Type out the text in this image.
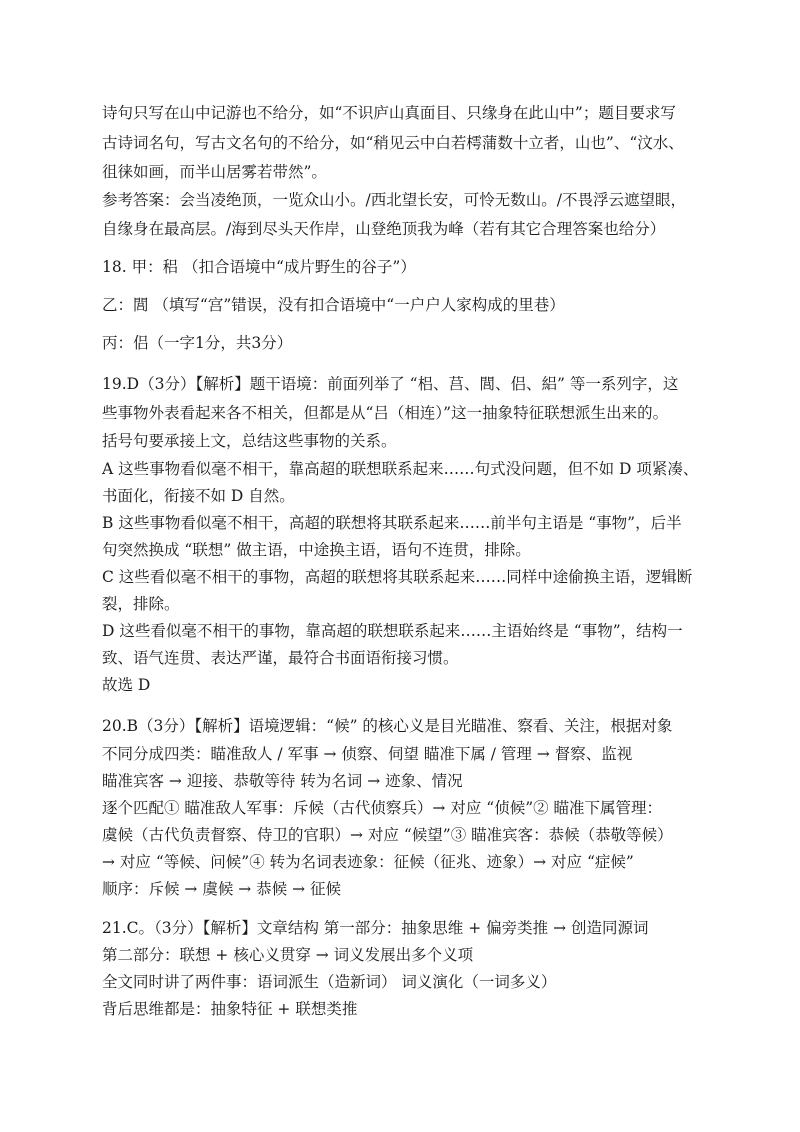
诗句只写在山中记游也不给分，如“不识庐山真面目、只缘身在此山中”；题目要求写
古诗词名句，写古文名句的不给分，如“稍见云中白若樗蒲数十立者，山也”、“汶水、
徂徕如画，而半山居雾若带然”。
参考答案：会当凌绝顶，一览众山小。/西北望长安，可怜无数山。/不畏浮云遮望眼，
自缘身在最高层。/海到尽头天作岸，山登绝顶我为峰（若有其它合理答案也给分）
18. 甲：稆 （扣合语境中“成片野生的谷子”）
乙：閭 （填写“宫”错误，没有扣合语境中“一户户人家构成的里巷）
丙：侣（一字1分，共3分）
19.D（3分）【解析】题干语境：前面列举了 “梠、莒、閭、侣、絽” 等一系列字，这
些事物外表看起来各不相关，但都是从“吕（相连）”这一抽象特征联想派生出来的。
括号句要承接上文，总结这些事物的关系。
A 这些事物看似毫不相干，靠高超的联想联系起来……句式没问题，但不如 D 项紧凑、
书面化，衔接不如 D 自然。
B 这些事物看似毫不相干，高超的联想将其联系起来……前半句主语是 “事物”，后半
句突然换成 “联想” 做主语，中途换主语，语句不连贯，排除。
C 这些看似毫不相干的事物，高超的联想将其联系起来……同样中途偷换主语，逻辑断
裂，排除。
D 这些看似毫不相干的事物，靠高超的联想联系起来……主语始终是 “事物”，结构一
致、语气连贯、表达严谨，最符合书面语衔接习惯。
故选 D
20.B（3分）【解析】语境逻辑：“候” 的核心义是目光瞄准、察看、关注，根据对象
不同分成四类：瞄准敌人 / 军事 → 侦察、伺望 瞄准下属 / 管理 → 督察、监视
瞄准宾客 → 迎接、恭敬等待 转为名词 → 迹象、情况
逐个匹配① 瞄准敌人军事：斥候（古代侦察兵）→ 对应 “侦候”② 瞄准下属管理：
虞候（古代负责督察、侍卫的官职）→ 对应 “候望”③ 瞄准宾客：恭候（恭敬等候）
→ 对应 “等候、问候”④ 转为名词表迹象：征候（征兆、迹象）→ 对应 “症候”
顺序：斥候 → 虞候 → 恭候 → 征候
21.C。（3分）【解析】文章结构 第一部分：抽象思维 + 偏旁类推 → 创造同源词
第二部分：联想 + 核心义贯穿 → 词义发展出多个义项
全文同时讲了两件事：语词派生（造新词） 词义演化（一词多义）
背后思维都是：抽象特征 + 联想类推
